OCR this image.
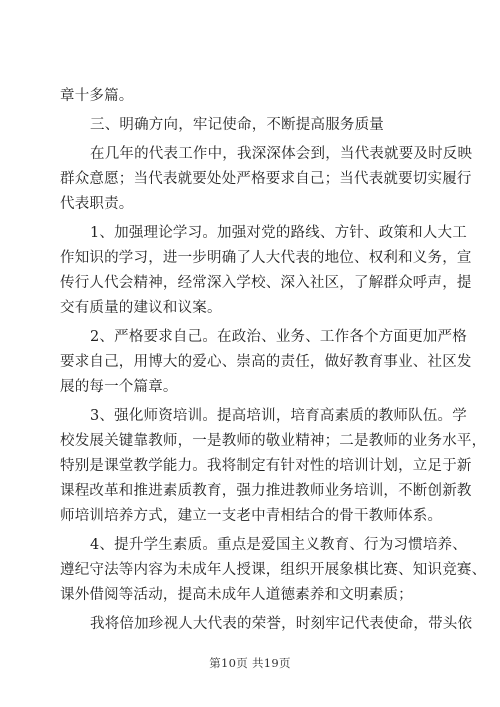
章十多篇。
三、明确方向，牢记使命，不断提高服务质量
在几年的代表工作中，我深深体会到，当代表就要及时反映
群众意愿；当代表就要处处严格要求自己；当代表就要切实履行
代表职责。
1、加强理论学习。加强对党的路线、方针、政策和人大工
作知识的学习，进一步明确了人大代表的地位、权利和义务，宣
传行人代会精神，经常深入学校、深入社区，了解群众呼声，提
交有质量的建议和议案。
2、严格要求自己。在政治、业务、工作各个方面更加严格
要求自己，用博大的爱心、崇高的责任，做好教育事业、社区发
展的每一个篇章。
3、强化师资培训。提高培训，培育高素质的教师队伍。学
校发展关键靠教师，一是教师的敬业精神；二是教师的业务水平，
特别是课堂教学能力。我将制定有针对性的培训计划，立足于新
课程改革和推进素质教育，强力推进教师业务培训，不断创新教
师培训培养方式，建立一支老中青相结合的骨干教师体系。
4、提升学生素质。重点是爱国主义教育、行为习惯培养、
遵纪守法等内容为未成年人授课，组织开展象棋比赛、知识竞赛、
课外借阅等活动，提高未成年人道德素养和文明素质；
我将倍加珍视人大代表的荣誉，时刻牢记代表使命，带头依
第10页 共19页
